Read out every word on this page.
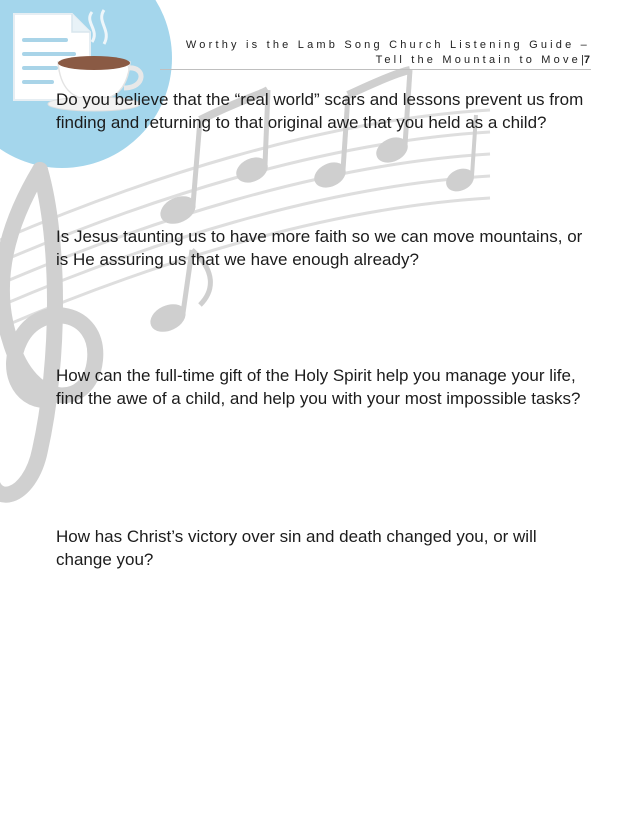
Worthy is the Lamb Song Church Listening Guide –
Tell the Mountain to Move|7
Do you believe that the “real world” scars and lessons prevent us from finding and returning to that original awe that you held as a child?
Is Jesus taunting us to have more faith so we can move mountains, or is He assuring us that we have enough already?
How can the full-time gift of the Holy Spirit help you manage your life, find the awe of a child, and help you with your most impossible tasks?
How has Christ’s victory over sin and death changed you, or will change you?
